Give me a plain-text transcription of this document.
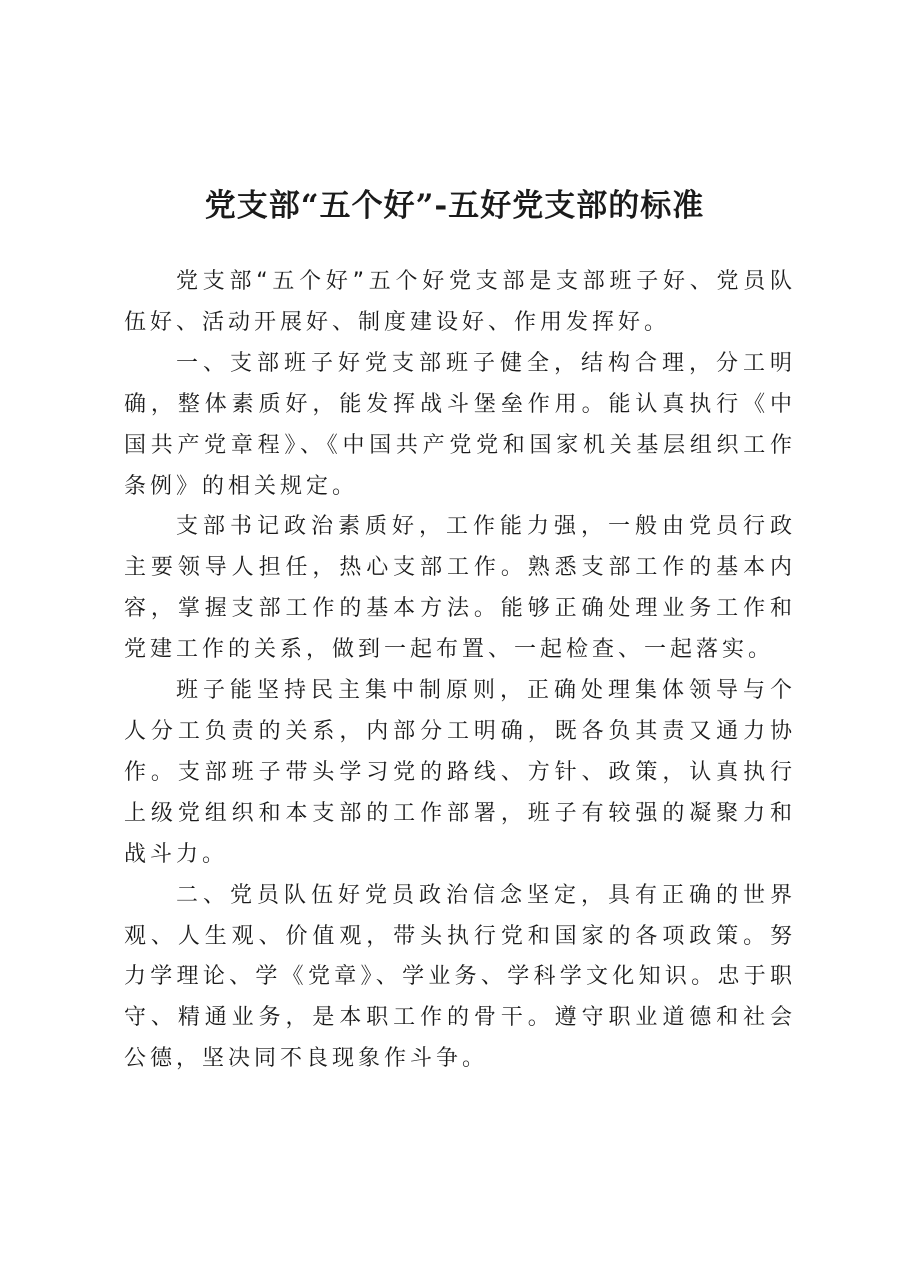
党支部“五个好”-五好党支部的标准

党支部“五个好”五个好党支部是支部班子好、党员队伍好、活动开展好、制度建设好、作用发挥好。

一、支部班子好党支部班子健全，结构合理，分工明确，整体素质好，能发挥战斗堡垒作用。能认真执行《中国共产党章程》、《中国共产党党和国家机关基层组织工作条例》的相关规定。

支部书记政治素质好，工作能力强，一般由党员行政主要领导人担任，热心支部工作。熟悉支部工作的基本内容，掌握支部工作的基本方法。能够正确处理业务工作和党建工作的关系，做到一起布置、一起检查、一起落实。

班子能坚持民主集中制原则，正确处理集体领导与个人分工负责的关系，内部分工明确，既各负其责又通力协作。支部班子带头学习党的路线、方针、政策，认真执行上级党组织和本支部的工作部署，班子有较强的凝聚力和战斗力。

二、党员队伍好党员政治信念坚定，具有正确的世界观、人生观、价值观，带头执行党和国家的各项政策。努力学理论、学《党章》、学业务、学科学文化知识。忠于职守、精通业务，是本职工作的骨干。遵守职业道德和社会公德，坚决同不良现象作斗争。
